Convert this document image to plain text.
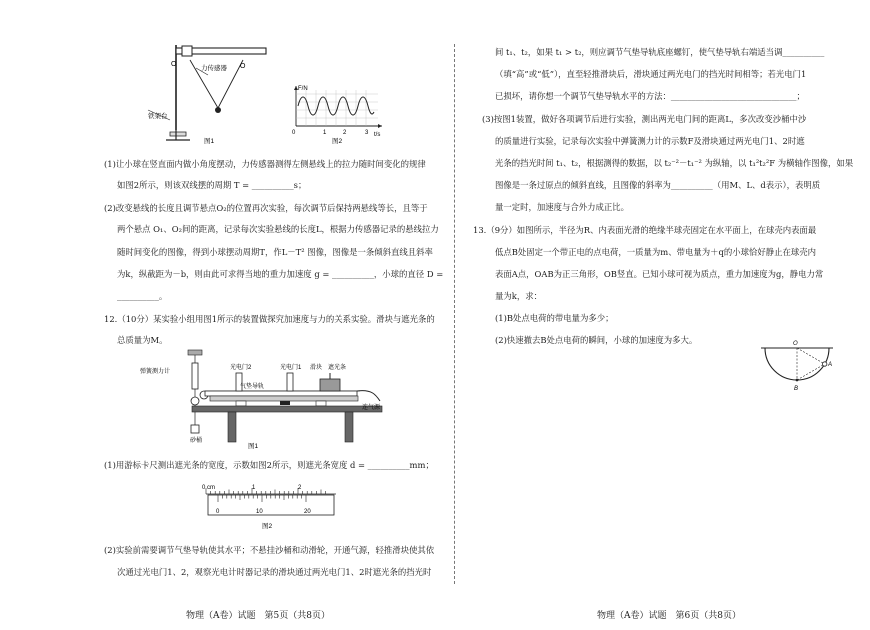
O	O
力传感器
铁架台
图1
F/N
t/s
0	1	2	3
图2
(1)让小球在竖直面内做小角度摆动，力传感器测得左侧悬线上的拉力随时间变化的规律
如图2所示，则该双线摆的周期 T = __________s；
(2)改变悬线的长度且调节悬点O₂的位置再次实验，每次调节后保持两悬线等长，且等于
两个悬点 O₁、O₂间的距离，记录每次实验悬线的长度L，根据力传感器记录的悬线拉力
随时间变化的图像，得到小球摆动周期T，作L－T² 图像，图像是一条倾斜直线且斜率
为k，纵截距为－b，则由此可求得当地的重力加速度 g = __________，小球的直径 D =
__________。
12.（10分）某实验小组用图1所示的装置做探究加速度与力的关系实验。滑块与遮光条的
总质量为M。
弹簧测力计
光电门2	光电门1 滑块 遮光条
气垫导轨
连气源
砂桶
图1
(1)用游标卡尺测出遮光条的宽度，示数如图2所示，则遮光条宽度 d = __________mm；
0 cm	1	2
0	10	20
图2
(2)实验前需要调节气垫导轨使其水平；不悬挂沙桶和动滑轮，开通气源，轻推滑块使其依
次通过光电门1、2，观察光电计时器记录的滑块通过两光电门1、2时遮光条的挡光时
物理（A卷）试题　第5页（共8页）
间 t₁、t₂，如果 t₁ > t₂，则应调节气垫导轨底座螺钉，使气垫导轨右端适当调__________
（填“高”或“低”），直至轻推滑块后，滑块通过两光电门的挡光时间相等；若光电门1
已损坏，请你想一个调节气垫导轨水平的方法：______________________________；
(3)按图1装置，做好各项调节后进行实验，测出两光电门间的距离L，多次改变沙桶中沙
的质量进行实验，记录每次实验中弹簧测力计的示数F及滑块通过两光电门1、2时遮
光条的挡光时间 t₁、t₂，根据测得的数据，以 t₂⁻²－t₁⁻² 为纵轴，以 t₁²t₂²F 为横轴作图像，如果
图像是一条过原点的倾斜直线，且图像的斜率为__________（用M、L、d表示），表明质
量一定时，加速度与合外力成正比。
13.（9分）如图所示，半径为R、内表面光滑的绝缘半球壳固定在水平面上，在球壳内表面最
低点B处固定一个带正电的点电荷，一质量为m、带电量为＋q的小球恰好静止在球壳内
表面A点，OAB为正三角形，OB竖直。已知小球可视为质点，重力加速度为g，静电力常
量为k，求：
(1)B处点电荷的带电量为多少；
(2)快速撤去B处点电荷的瞬间，小球的加速度为多大。	O
A
B
物理（A卷）试题　第6页（共8页）
